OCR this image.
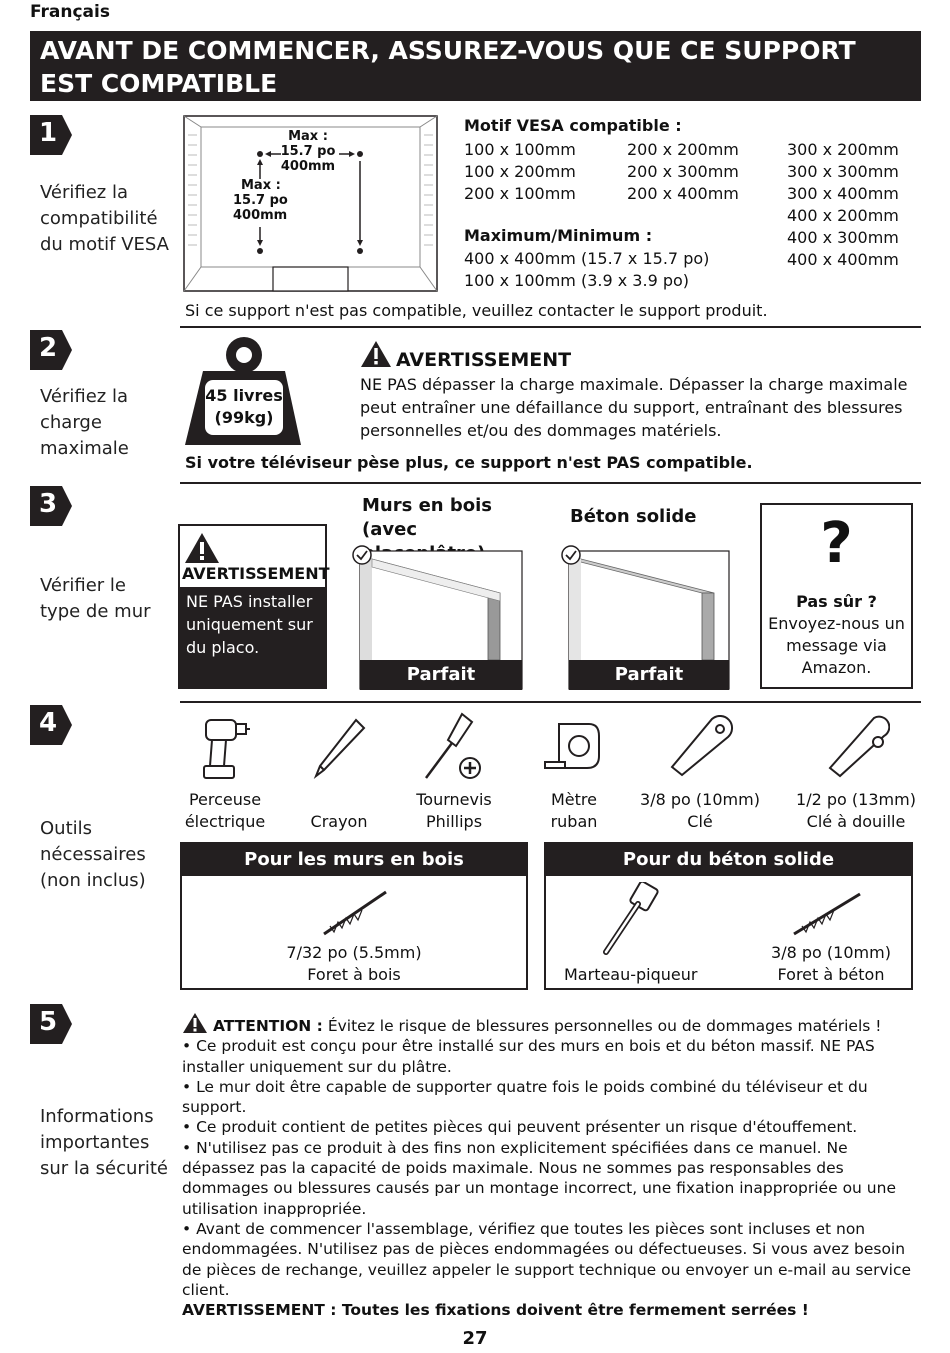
Français
AVANT DE COMMENCER, ASSUREZ-VOUS QUE CE SUPPORT EST COMPATIBLE
1
Vérifiez la compatibilité du motif VESA
Max :
15.7 po
400mm
Max :
15.7 po
400mm
Motif VESA compatible :
100 x 100mm
100 x 200mm
200 x 100mm
200 x 200mm
200 x 300mm
200 x 400mm
300 x 200mm
300 x 300mm
300 x 400mm
400 x 200mm
400 x 300mm
400 x 400mm
Maximum/Minimum :
400 x 400mm (15.7 x 15.7 po)
100 x 100mm (3.9 x 3.9 po)
Si ce support n'est pas compatible, veuillez contacter le support produit.
2
Vérifiez la charge maximale
45 livres
(99kg)
AVERTISSEMENT
NE PAS dépasser la charge maximale. Dépasser la charge maximale peut entraîner une défaillance du support, entraînant des blessures personnelles et/ou des dommages matériels.
Si votre téléviseur pèse plus, ce support n'est PAS compatible.
3
Vérifier le type de mur
AVERTISSEMENT
NE PAS installer uniquement sur du placo.
Murs en bois (avec
Parfait
Béton solide
Parfait
?
Pas sûr ?
Envoyez-nous un message via Amazon.
4
Outils nécessaires (non inclus)
Perceuse électrique	Crayon
Tournevis Phillips
Mètre ruban
3/8 po (10mm) Clé
1/2 po (13mm) Clé à douille
Pour les murs en bois
7/32 po (5.5mm)
Foret à bois
Pour du béton solide
Marteau-piqueur
3/8 po (10mm)
Foret à béton
5
Informations importantes sur la sécurité
ATTENTION : Évitez le risque de blessures personnelles ou de dommages matériels !
• Ce produit est conçu pour être installé sur des murs en bois et du béton massif. NE PAS installer uniquement sur du plâtre.
• Le mur doit être capable de supporter quatre fois le poids combiné du téléviseur et du support.
• Ce produit contient de petites pièces qui peuvent présenter un risque d'étouffement.
• N'utilisez pas ce produit à des fins non explicitement spécifiées dans ce manuel. Ne dépassez pas la capacité de poids maximale. Nous ne sommes pas responsables des dommages ou blessures causés par un montage incorrect, une fixation inappropriée ou une utilisation inappropriée.
• Avant de commencer l'assemblage, vérifiez que toutes les pièces sont incluses et non endommagées. N'utilisez pas de pièces endommagées ou défectueuses. Si vous avez besoin de pièces de rechange, veuillez appeler le support technique ou envoyer un e-mail au service client.
AVERTISSEMENT : Toutes les fixations doivent être fermement serrées !
27
